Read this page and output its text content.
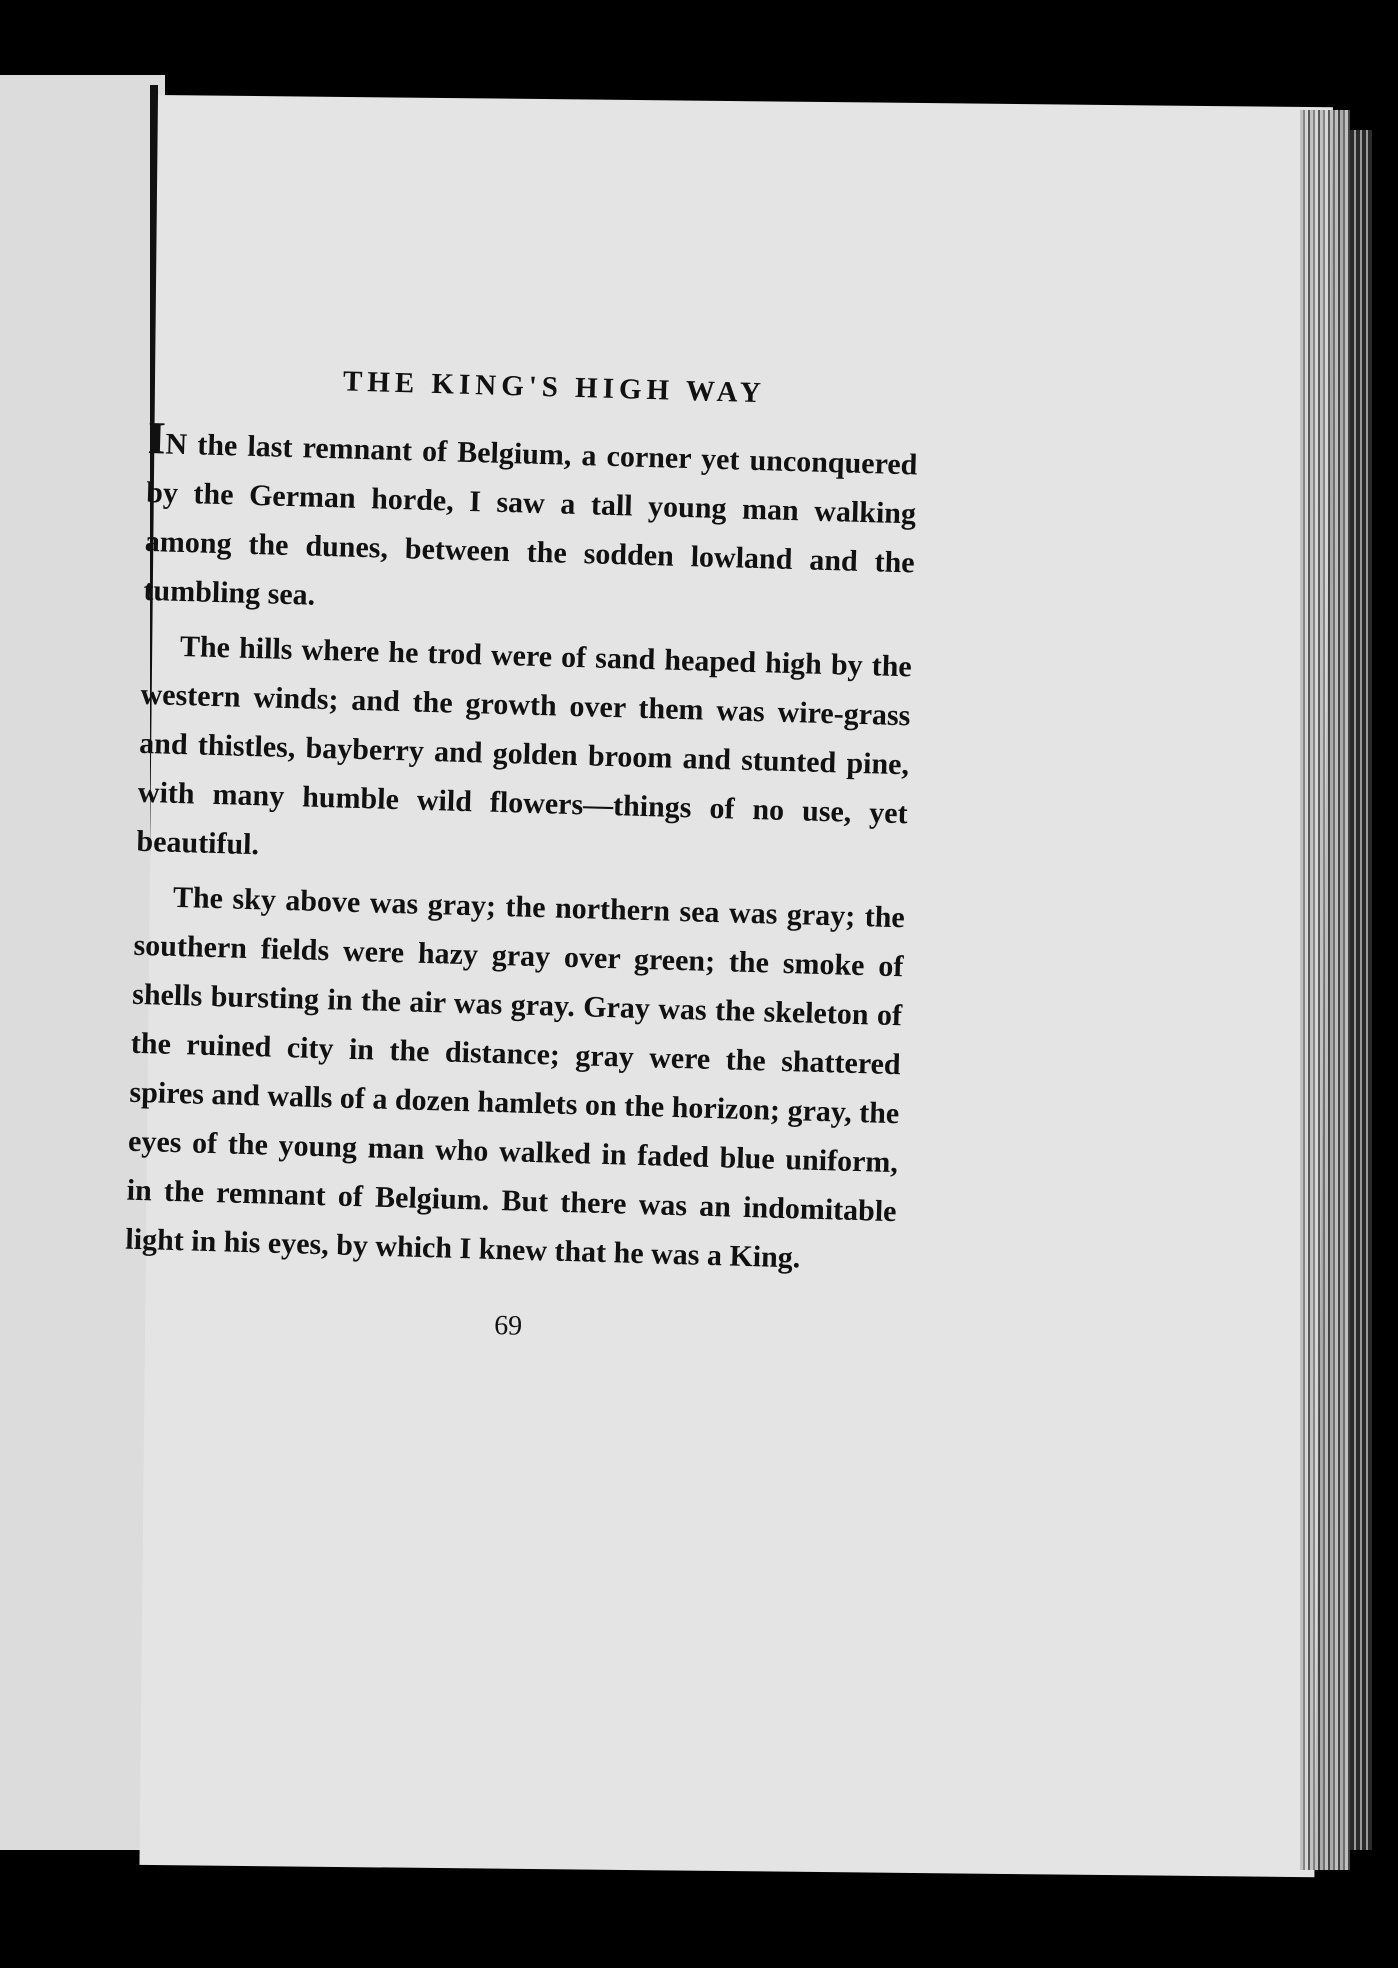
THE KING'S HIGH WAY

IN the last remnant of Belgium, a corner yet unconquered by the German horde, I saw a tall young man walking among the dunes, between the sodden lowland and the tumbling sea.

The hills where he trod were of sand heaped high by the western winds; and the growth over them was wire-grass and thistles, bayberry and golden broom and stunted pine, with many humble wild flowers—things of no use, yet beautiful.

The sky above was gray; the northern sea was gray; the southern fields were hazy gray over green; the smoke of shells bursting in the air was gray. Gray was the skeleton of the ruined city in the distance; gray were the shattered spires and walls of a dozen hamlets on the horizon; gray, the eyes of the young man who walked in faded blue uniform, in the remnant of Belgium. But there was an indomitable light in his eyes, by which I knew that he was a King.

69
